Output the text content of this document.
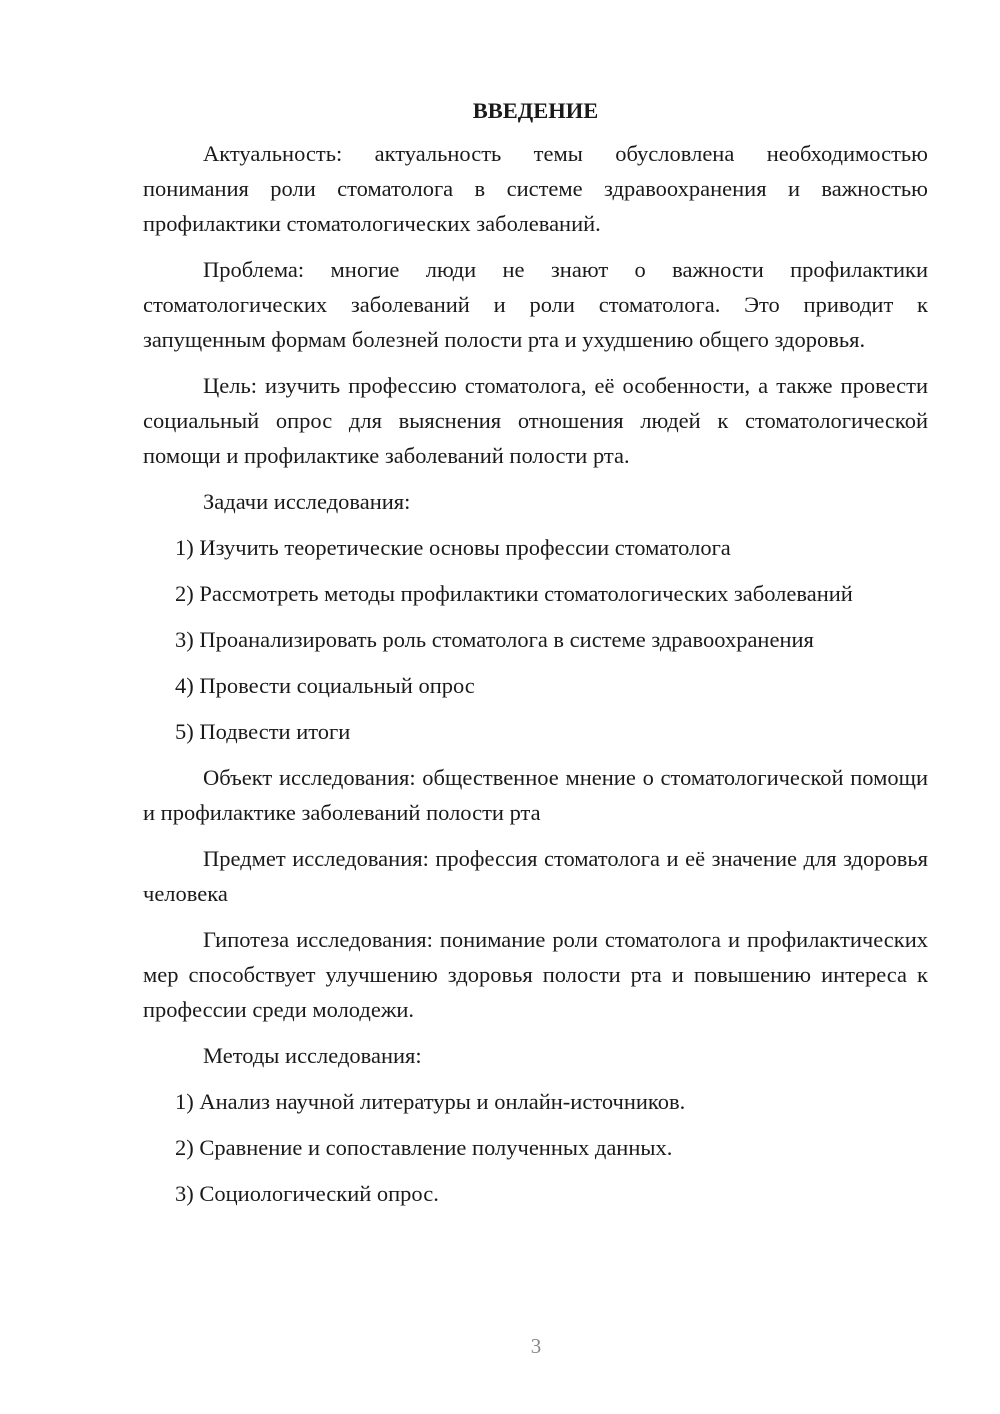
ВВЕДЕНИЕ

Актуальность: актуальность темы обусловлена необходимостью понимания роли стоматолога в системе здравоохранения и важностью профилактики стоматологических заболеваний.

Проблема: многие люди не знают о важности профилактики стоматологических заболеваний и роли стоматолога. Это приводит к запущенным формам болезней полости рта и ухудшению общего здоровья.

Цель: изучить профессию стоматолога, её особенности, а также провести социальный опрос для выяснения отношения людей к стоматологической помощи и профилактике заболеваний полости рта.

Задачи исследования:

1) Изучить теоретические основы профессии стоматолога

2) Рассмотреть методы профилактики стоматологических заболеваний

3) Проанализировать роль стоматолога в системе здравоохранения

4) Провести социальный опрос

5) Подвести итоги

Объект исследования: общественное мнение о стоматологической помощи и профилактике заболеваний полости рта

Предмет исследования: профессия стоматолога и её значение для здоровья человека

Гипотеза исследования: понимание роли стоматолога и профилактических мер способствует улучшению здоровья полости рта и повышению интереса к профессии среди молодежи.

Методы исследования:

1) Анализ научной литературы и онлайн-источников.

2) Сравнение и сопоставление полученных данных.

3) Социологический опрос.

3
